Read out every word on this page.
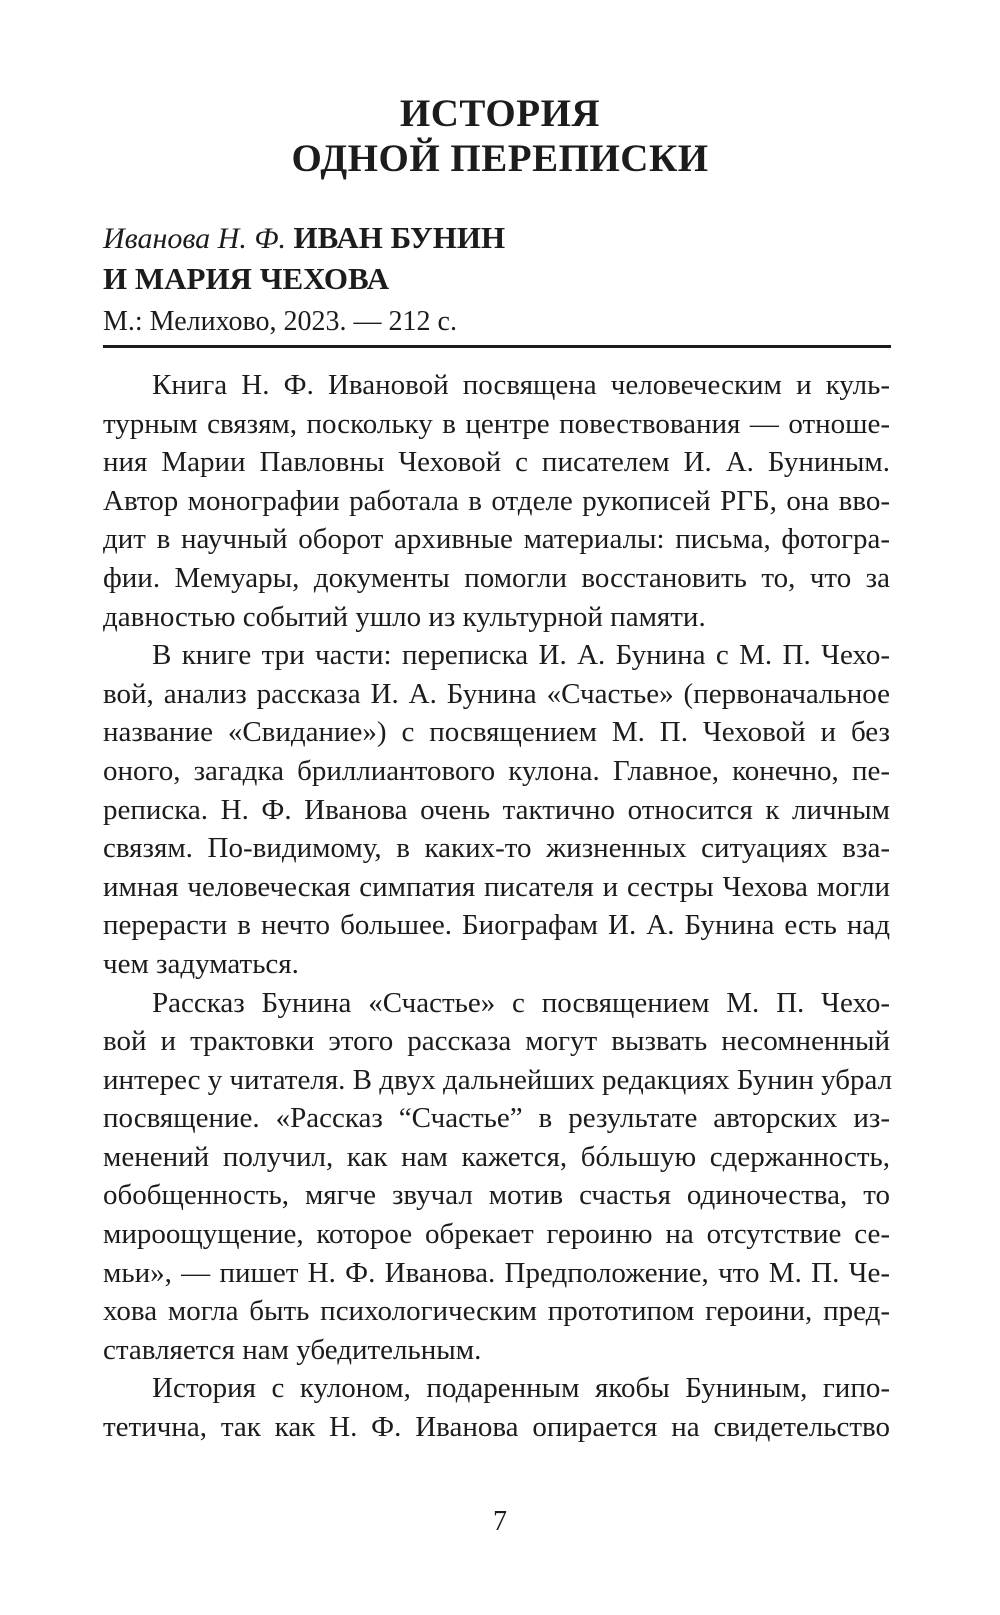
ИСТОРИЯ
ОДНОЙ ПЕРЕПИСКИ
Иванова Н. Ф. ИВАН БУНИН
И МАРИЯ ЧЕХОВА
М.: Мелихово, 2023. — 212 с.
Книга Н. Ф. Ивановой посвящена человеческим и куль-
турным связям, поскольку в центре повествования — отноше-
ния Марии Павловны Чеховой с писателем И. А. Буниным.
Автор монографии работала в отделе рукописей РГБ, она вво-
дит в научный оборот архивные материалы: письма, фотогра-
фии. Мемуары, документы помогли восстановить то, что за
давностью событий ушло из культурной памяти.
В книге три части: переписка И. А. Бунина с М. П. Чехо-
вой, анализ рассказа И. А. Бунина «Счастье» (первоначальное
название «Свидание») с посвящением М. П. Чеховой и без
оного, загадка бриллиантового кулона. Главное, конечно, пе-
реписка. Н. Ф. Иванова очень тактично относится к личным
связям. По-видимому, в каких-то жизненных ситуациях вза-
имная человеческая симпатия писателя и сестры Чехова могли
перерасти в нечто большее. Биографам И. А. Бунина есть над
чем задуматься.
Рассказ Бунина «Счастье» с посвящением М. П. Чехо-
вой и трактовки этого рассказа могут вызвать несомненный
интерес у читателя. В двух дальнейших редакциях Бунин убрал
посвящение. «Рассказ “Счастье” в результате авторских из-
менений получил, как нам кажется, бóльшую сдержанность,
обобщенность, мягче звучал мотив счастья одиночества, то
мироощущение, которое обрекает героиню на отсутствие се-
мьи», — пишет Н. Ф. Иванова. Предположение, что М. П. Че-
хова могла быть психологическим прототипом героини, пред-
ставляется нам убедительным.
История с кулоном, подаренным якобы Буниным, гипо-
тетична, так как Н. Ф. Иванова опирается на свидетельство
7
